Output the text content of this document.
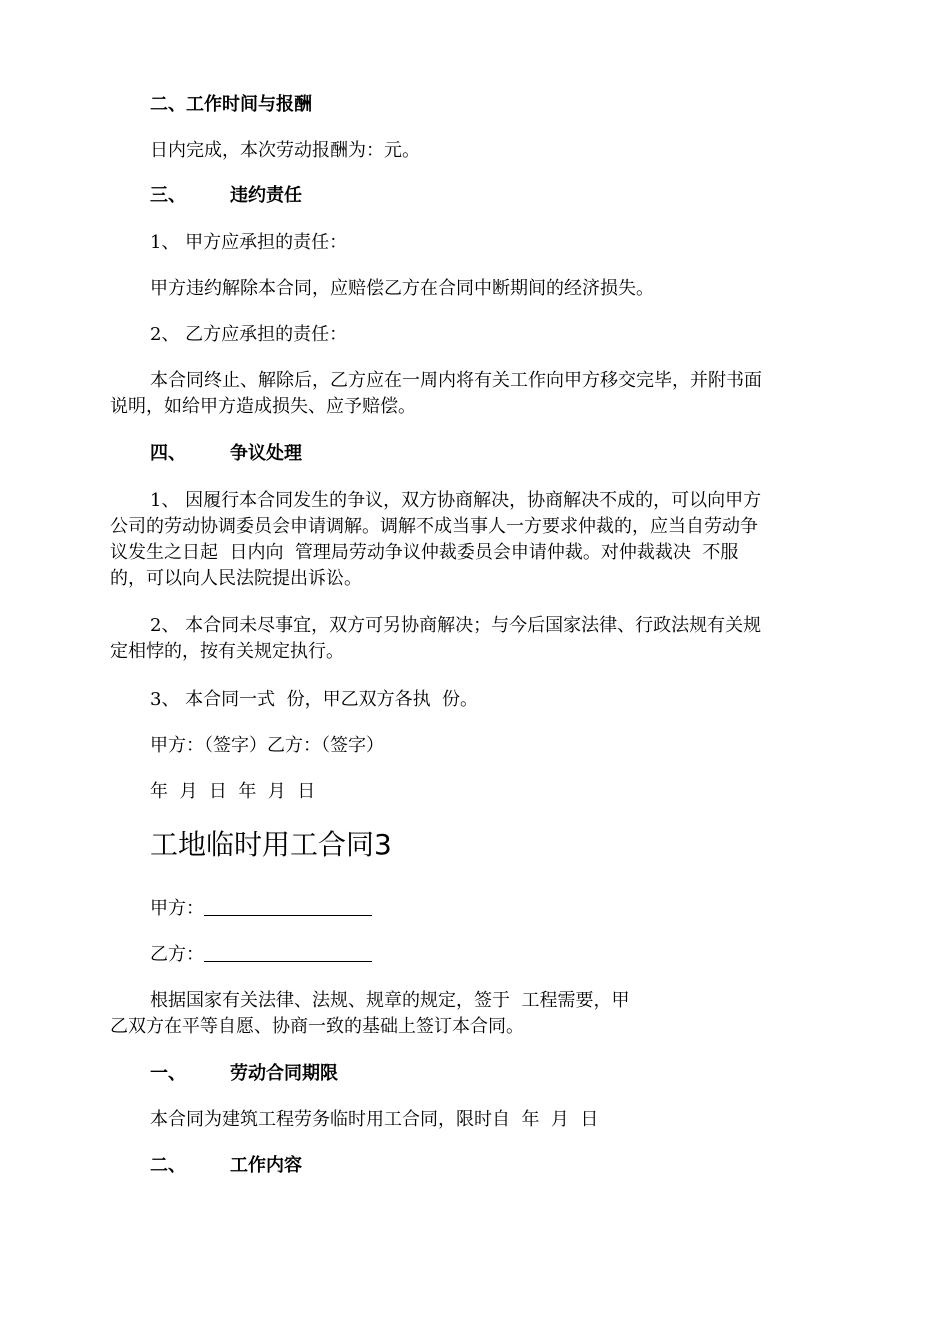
二、工作时间与报酬
日内完成，本次劳动报酬为：元。
三、 违约责任
1、 甲方应承担的责任：
甲方违约解除本合同，应赔偿乙方在合同中断期间的经济损失。
2、 乙方应承担的责任：
本合同终止、解除后，乙方应在一周内将有关工作向甲方移交完毕，并附书面
说明，如给甲方造成损失、应予赔偿。
四、 争议处理
1、 因履行本合同发生的争议，双方协商解决，协商解决不成的，可以向甲方
公司的劳动协调委员会申请调解。调解不成当事人一方要求仲裁的，应当自劳动争
议发生之日起  日内向  管理局劳动争议仲裁委员会申请仲裁。对仲裁裁决  不服
的，可以向人民法院提出诉讼。
2、 本合同未尽事宜，双方可另协商解决；与今后国家法律、行政法规有关规
定相悖的，按有关规定执行。
3、 本合同一式  份，甲乙双方各执  份。
甲方：（签字）乙方：（签字）
年  月  日  年  月  日
工地临时用工合同3
甲方：
乙方：
根据国家有关法律、法规、规章的规定，签于  工程需要，甲
乙双方在平等自愿、协商一致的基础上签订本合同。
一、 劳动合同期限
本合同为建筑工程劳务临时用工合同，限时自  年  月  日
二、 工作内容
